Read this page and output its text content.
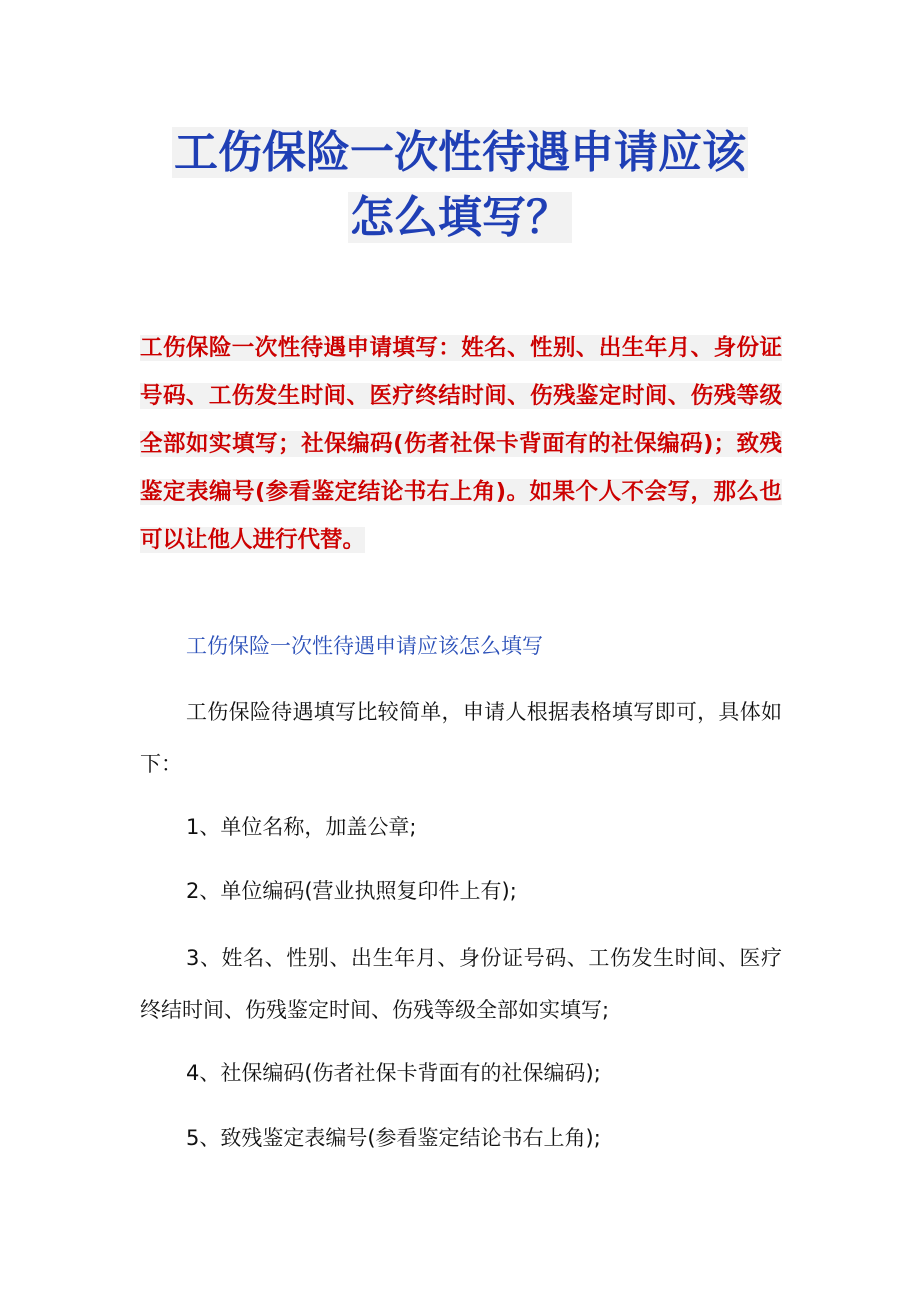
工伤保险一次性待遇申请应该
怎么填写？
工伤保险一次性待遇申请填写：姓名、性别、出生年月、身份证号码、工伤发生时间、医疗终结时间、伤残鉴定时间、伤残等级全部如实填写；社保编码(伤者社保卡背面有的社保编码)；致残鉴定表编号(参看鉴定结论书右上角)。如果个人不会写，那么也可以让他人进行代替。
工伤保险一次性待遇申请应该怎么填写
工伤保险待遇填写比较简单，申请人根据表格填写即可，具体如下：
1、单位名称，加盖公章;
2、单位编码(营业执照复印件上有);
3、姓名、性别、出生年月、身份证号码、工伤发生时间、医疗终结时间、伤残鉴定时间、伤残等级全部如实填写;
4、社保编码(伤者社保卡背面有的社保编码);
5、致残鉴定表编号(参看鉴定结论书右上角);
